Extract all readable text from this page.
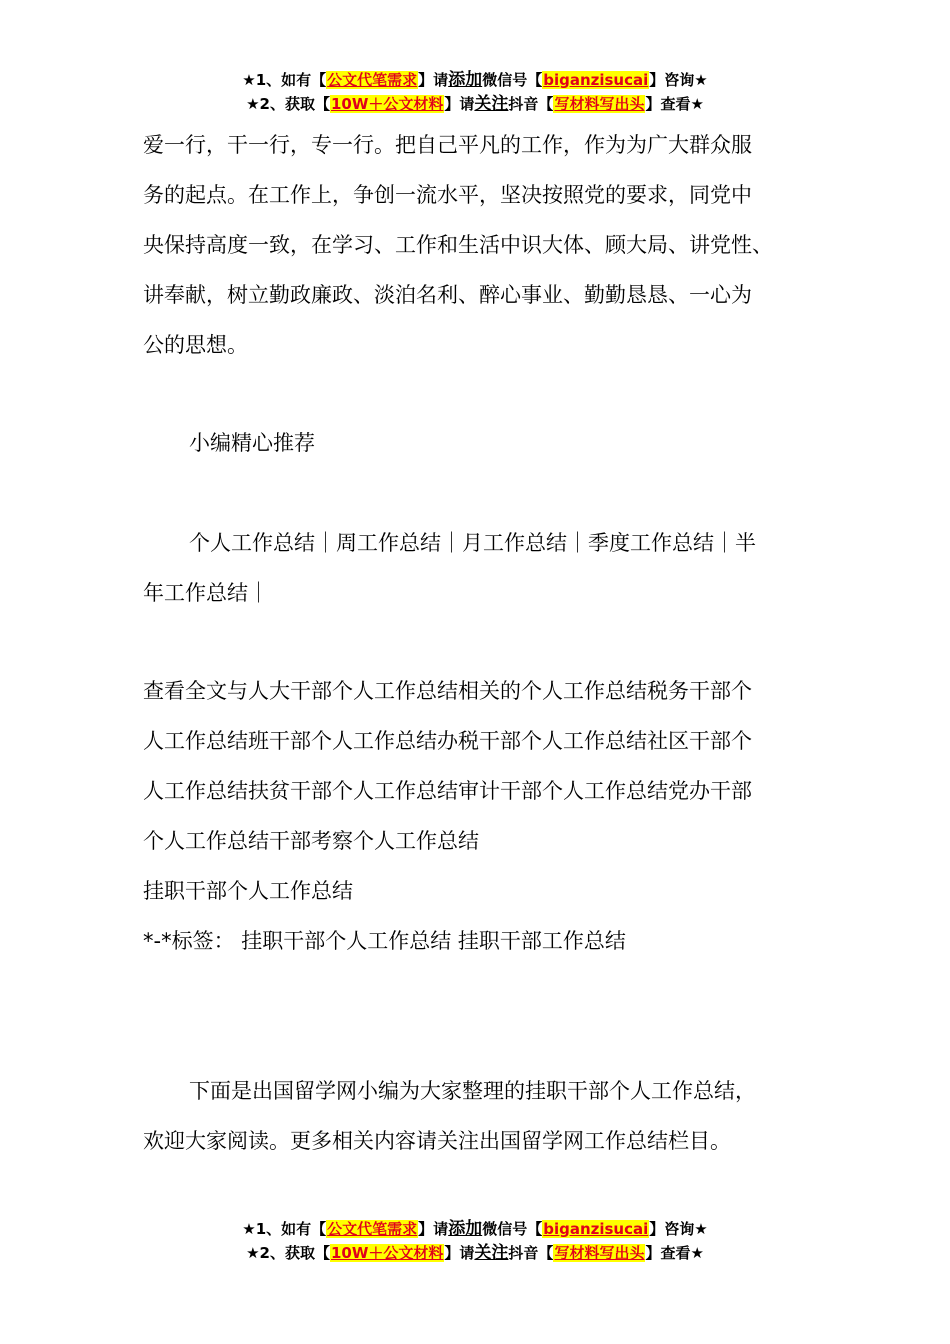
★1、如有【公文代笔需求】请添加微信号【biganzisucai】咨询★
★2、获取【10W＋公文材料】请关注抖音【写材料写出头】查看★
爱一行，干一行，专一行。把自己平凡的工作，作为为广大群众服
务的起点。在工作上，争创一流水平，坚决按照党的要求，同党中
央保持高度一致，在学习、工作和生活中识大体、顾大局、讲党性、
讲奉献，树立勤政廉政、淡泊名利、醉心事业、勤勤恳恳、一心为
公的思想。
小编精心推荐
个人工作总结｜周工作总结｜月工作总结｜季度工作总结｜半
年工作总结｜
查看全文与人大干部个人工作总结相关的个人工作总结税务干部个
人工作总结班干部个人工作总结办税干部个人工作总结社区干部个
人工作总结扶贫干部个人工作总结审计干部个人工作总结党办干部
个人工作总结干部考察个人工作总结
挂职干部个人工作总结
*-*标签： 挂职干部个人工作总结 挂职干部工作总结
下面是出国留学网小编为大家整理的挂职干部个人工作总结，
欢迎大家阅读。更多相关内容请关注出国留学网工作总结栏目。
★1、如有【公文代笔需求】请添加微信号【biganzisucai】咨询★
★2、获取【10W＋公文材料】请关注抖音【写材料写出头】查看★
